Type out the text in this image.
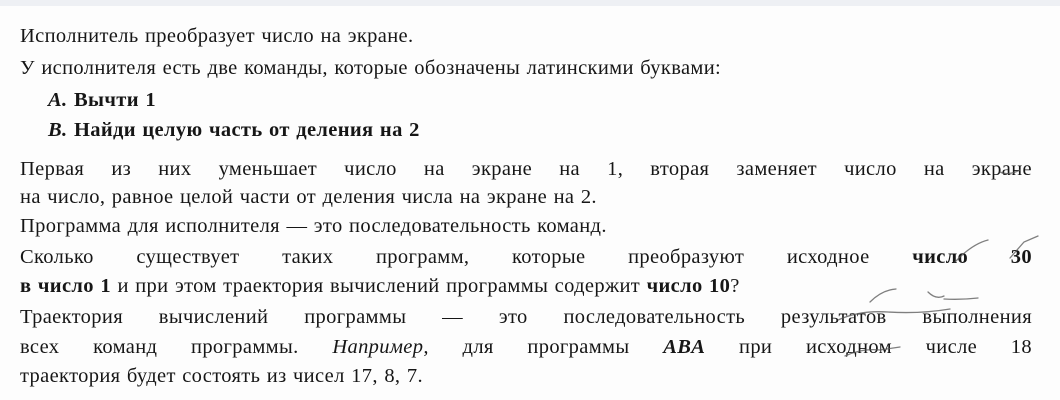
Исполнитель преобразует число на экране.

У исполнителя есть две команды, которые обозначены латинскими буквами:

A. Вычти 1

B. Найди целую часть от деления на 2

Первая из них уменьшает число на экране на 1, вторая заменяет число на экране

на число, равное целой части от деления числа на экране на 2.

Программа для исполнителя — это последовательность команд.

Сколько существует таких программ, которые преобразуют исходное число 30

в число 1 и при этом траектория вычислений программы содержит число 10?

Траектория вычислений программы — это последовательность результатов выполнения

всех команд программы. Например, для программы ABA при исходном числе 18

траектория будет состоять из чисел 17, 8, 7.
